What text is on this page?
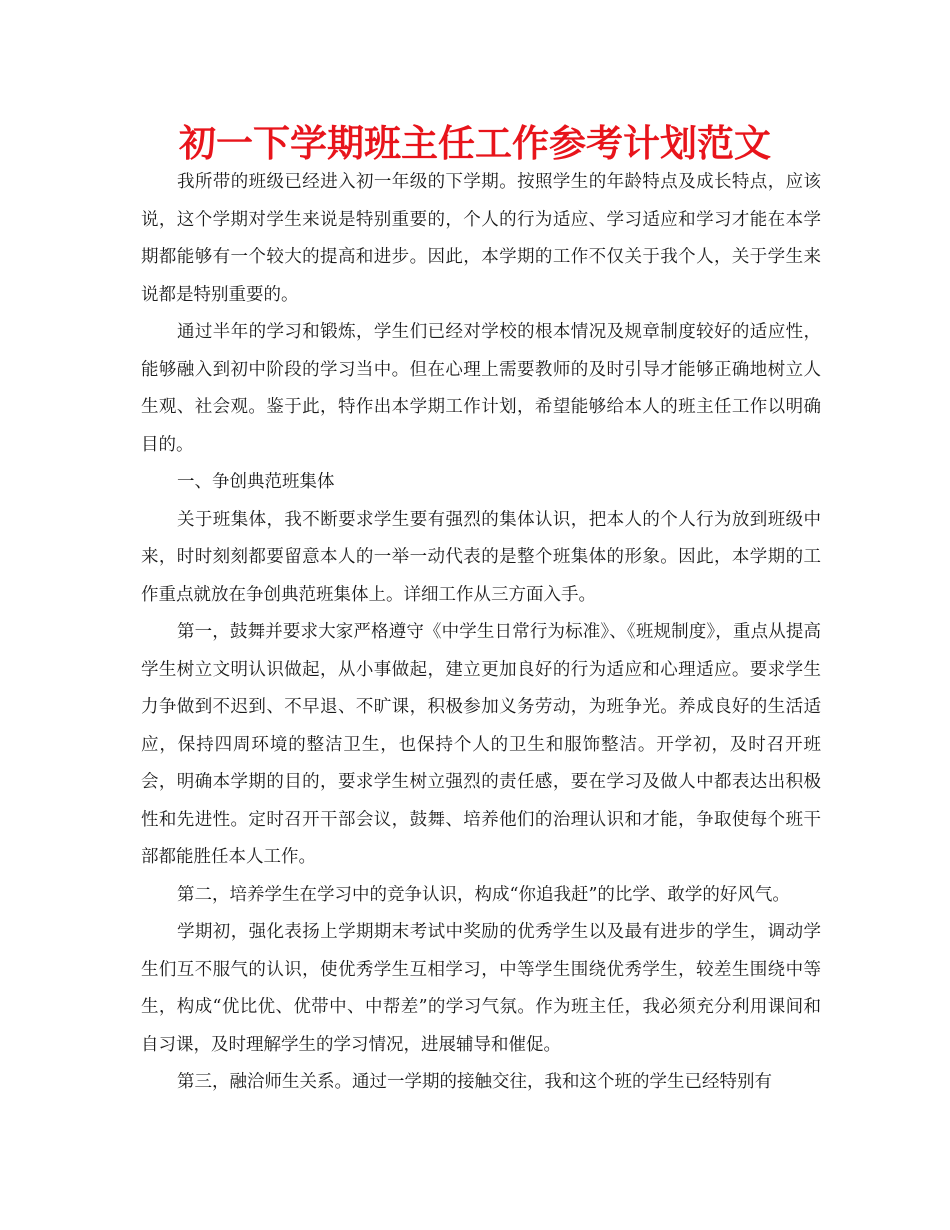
初一下学期班主任工作参考计划范文

我所带的班级已经进入初一年级的下学期。按照学生的年龄特点及成长特点，应该说，这个学期对学生来说是特别重要的，个人的行为适应、学习适应和学习才能在本学期都能够有一个较大的提高和进步。因此，本学期的工作不仅关于我个人，关于学生来说都是特别重要的。

通过半年的学习和锻炼，学生们已经对学校的根本情况及规章制度较好的适应性，能够融入到初中阶段的学习当中。但在心理上需要教师的及时引导才能够正确地树立人生观、社会观。鉴于此，特作出本学期工作计划，希望能够给本人的班主任工作以明确目的。

一、争创典范班集体

关于班集体，我不断要求学生要有强烈的集体认识，把本人的个人行为放到班级中来，时时刻刻都要留意本人的一举一动代表的是整个班集体的形象。因此，本学期的工作重点就放在争创典范班集体上。详细工作从三方面入手。

第一，鼓舞并要求大家严格遵守《中学生日常行为标准》、《班规制度》，重点从提高学生树立文明认识做起，从小事做起，建立更加良好的行为适应和心理适应。要求学生力争做到不迟到、不早退、不旷课，积极参加义务劳动，为班争光。养成良好的生活适应，保持四周环境的整洁卫生，也保持个人的卫生和服饰整洁。开学初，及时召开班会，明确本学期的目的，要求学生树立强烈的责任感，要在学习及做人中都表达出积极性和先进性。定时召开干部会议，鼓舞、培养他们的治理认识和才能，争取使每个班干部都能胜任本人工作。

第二，培养学生在学习中的竞争认识，构成“你追我赶”的比学、敢学的好风气。

学期初，强化表扬上学期期末考试中奖励的优秀学生以及最有进步的学生，调动学生们互不服气的认识，使优秀学生互相学习，中等学生围绕优秀学生，较差生围绕中等生，构成“优比优、优带中、中帮差”的学习气氛。作为班主任，我必须充分利用课间和自习课，及时理解学生的学习情况，进展辅导和催促。

第三，融洽师生关系。通过一学期的接触交往，我和这个班的学生已经特别有
